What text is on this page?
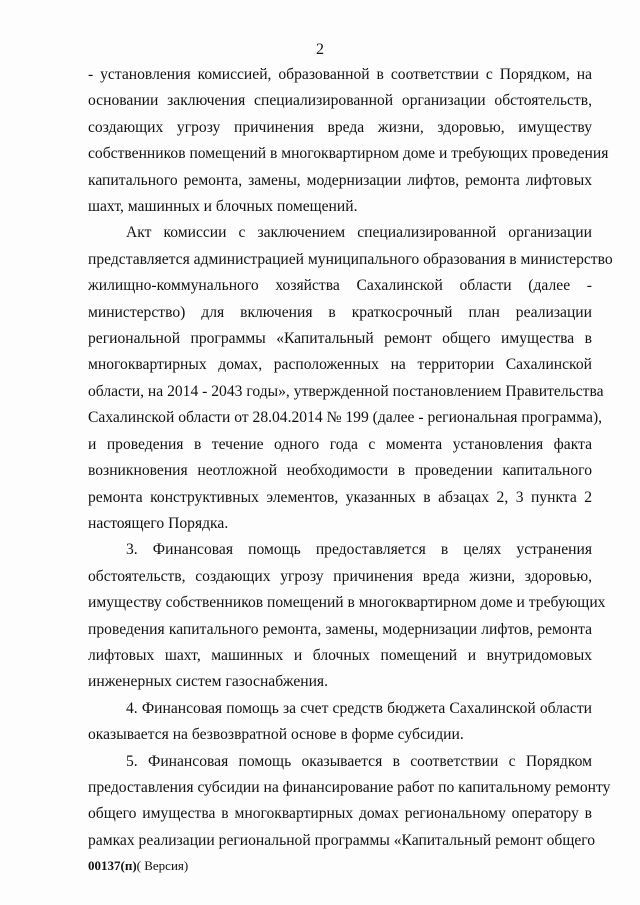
2

- установления комиссией, образованной в соответствии с Порядком, на
основании заключения специализированной организации обстоятельств,
создающих угрозу причинения вреда жизни, здоровью, имуществу
собственников помещений в многоквартирном доме и требующих проведения
капитального ремонта, замены, модернизации лифтов, ремонта лифтовых
шахт, машинных и блочных помещений.

Акт комиссии с заключением специализированной организации
представляется администрацией муниципального образования в министерство
жилищно-коммунального хозяйства Сахалинской области (далее -
министерство) для включения в краткосрочный план реализации
региональной программы «Капитальный ремонт общего имущества в
многоквартирных домах, расположенных на территории Сахалинской
области, на 2014 - 2043 годы», утвержденной постановлением Правительства
Сахалинской области от 28.04.2014 № 199 (далее - региональная программа),
и проведения в течение одного года с момента установления факта
возникновения неотложной необходимости в проведении капитального
ремонта конструктивных элементов, указанных в абзацах 2, 3 пункта 2
настоящего Порядка.

3. Финансовая помощь предоставляется в целях устранения
обстоятельств, создающих угрозу причинения вреда жизни, здоровью,
имуществу собственников помещений в многоквартирном доме и требующих
проведения капитального ремонта, замены, модернизации лифтов, ремонта
лифтовых шахт, машинных и блочных помещений и внутридомовых
инженерных систем газоснабжения.

4. Финансовая помощь за счет средств бюджета Сахалинской области
оказывается на безвозвратной основе в форме субсидии.

5. Финансовая помощь оказывается в соответствии с Порядком
предоставления субсидии на финансирование работ по капитальному ремонту
общего имущества в многоквартирных домах региональному оператору в
рамках реализации региональной программы «Капитальный ремонт общего

00137(п)( Версия)
